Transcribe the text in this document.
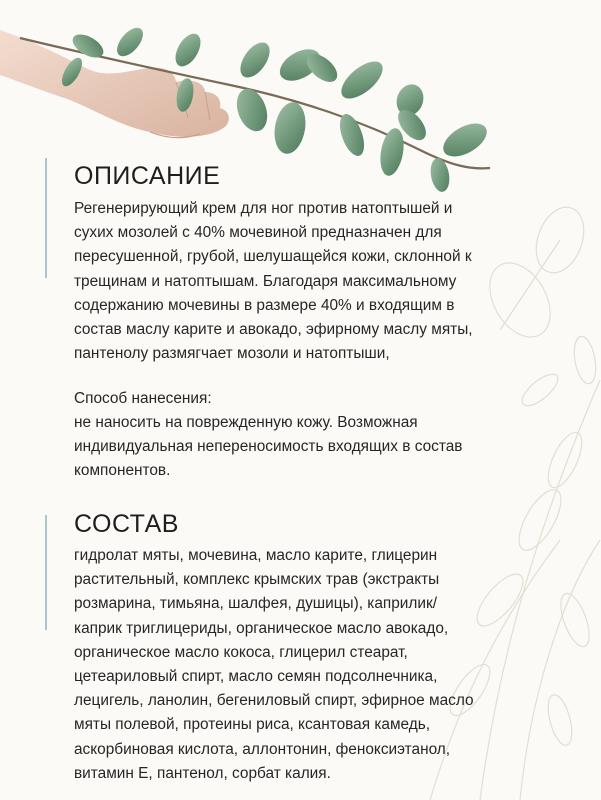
ОПИСАНИЕ

Регенерирующий крем для ног против натоптышей и
сухих мозолей с 40% мочевиной предназначен для
пересушенной, грубой, шелушащейся кожи, склонной к
трещинам и натоптышам. Благодаря максимальному
содержанию мочевины в размере 40% и входящим в
состав маслу карите и авокадо, эфирному маслу мяты,
пантенолу размягчает мозоли и натоптыши,

Способ нанесения:

не наносить на поврежденную кожу. Возможная
индивидуальная непереносимость входящих в состав
компонентов.

СОСТАВ

гидролат мяты, мочевина, масло карите, глицерин
растительный, комплекс крымских трав (экстракты
розмарина, тимьяна, шалфея, душицы), каприлик/
каприк триглицериды, органическое масло авокадо,
органическое масло кокоса, глицерил стеарат,
цетеариловый спирт, масло семян подсолнечника,
лецигель, ланолин, бегениловый спирт, эфирное масло
мяты полевой, протеины риса, ксантовая камедь,
аскорбиновая кислота, аллонтонин, феноксиэтанол,
витамин Е, пантенол, сорбат калия.
